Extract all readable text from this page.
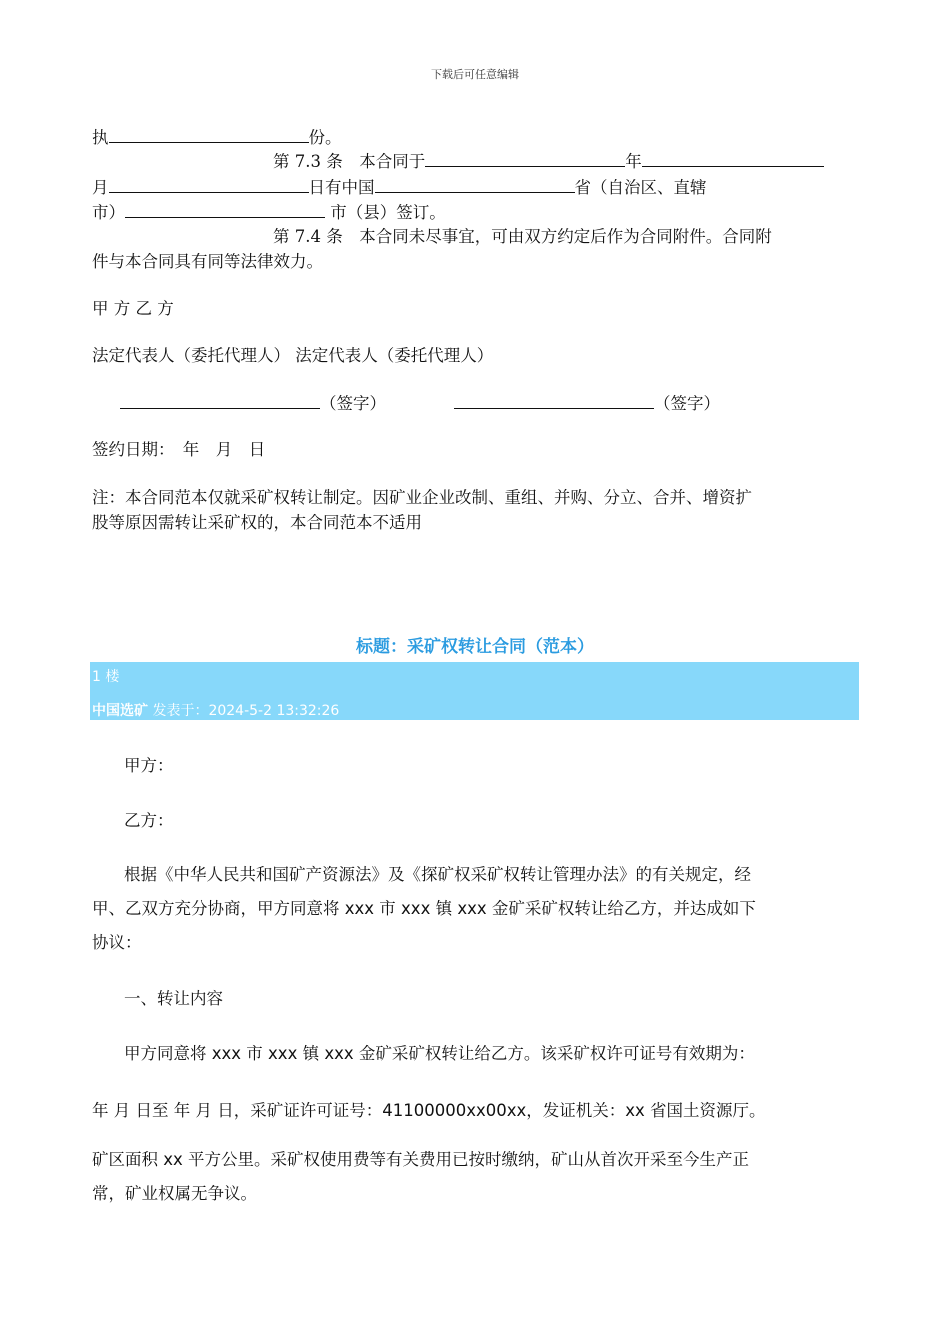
下载后可任意编辑
执	份。
第 7.3 条　本合同于	年
月	日有中国	省（自治区、直辖
市）	市（县）签订。
第 7.4 条　本合同未尽事宜，可由双方约定后作为合同附件。合同附
件与本合同具有同等法律效力。
甲 方 乙 方
法定代表人（委托代理人） 法定代表人（委托代理人）
（签字）	（签字）
签约日期：　年　月　日
注：本合同范本仅就采矿权转让制定。因矿业企业改制、重组、并购、分立、合并、增资扩
股等原因需转让采矿权的，本合同范本不适用
标题：采矿权转让合同（范本）
1 楼
中国选矿 发表于：2024-5-2 13:32:26
甲方：
乙方：
根据《中华人民共和国矿产资源法》及《探矿权采矿权转让管理办法》的有关规定，经
甲、乙双方充分协商，甲方同意将 xxx 市 xxx 镇 xxx 金矿采矿权转让给乙方，并达成如下
协议：
一、转让内容
甲方同意将 xxx 市 xxx 镇 xxx 金矿采矿权转让给乙方。该采矿权许可证号有效期为：
年 月 日至 年 月 日，采矿证许可证号：41100000xx00xx，发证机关：xx 省国土资源厅。
矿区面积 xx 平方公里。采矿权使用费等有关费用已按时缴纳，矿山从首次开采至今生产正
常，矿业权属无争议。
